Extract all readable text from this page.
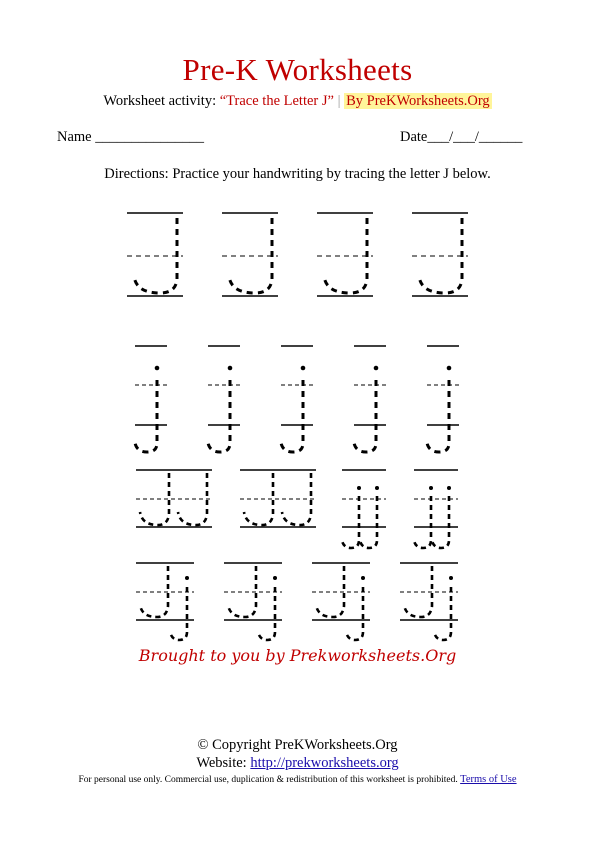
Pre-K Worksheets
Worksheet activity: “Trace the Letter J” | By PreKWorksheets.Org
Name _______________	Date___/___/______
Directions: Practice your handwriting by tracing the letter J below.
Brought to you by Prekworksheets.Org
© Copyright PreKWorksheets.Org
Website: http://prekworksheets.org
For personal use only. Commercial use, duplication & redistribution of this worksheet is prohibited. Terms of Use
